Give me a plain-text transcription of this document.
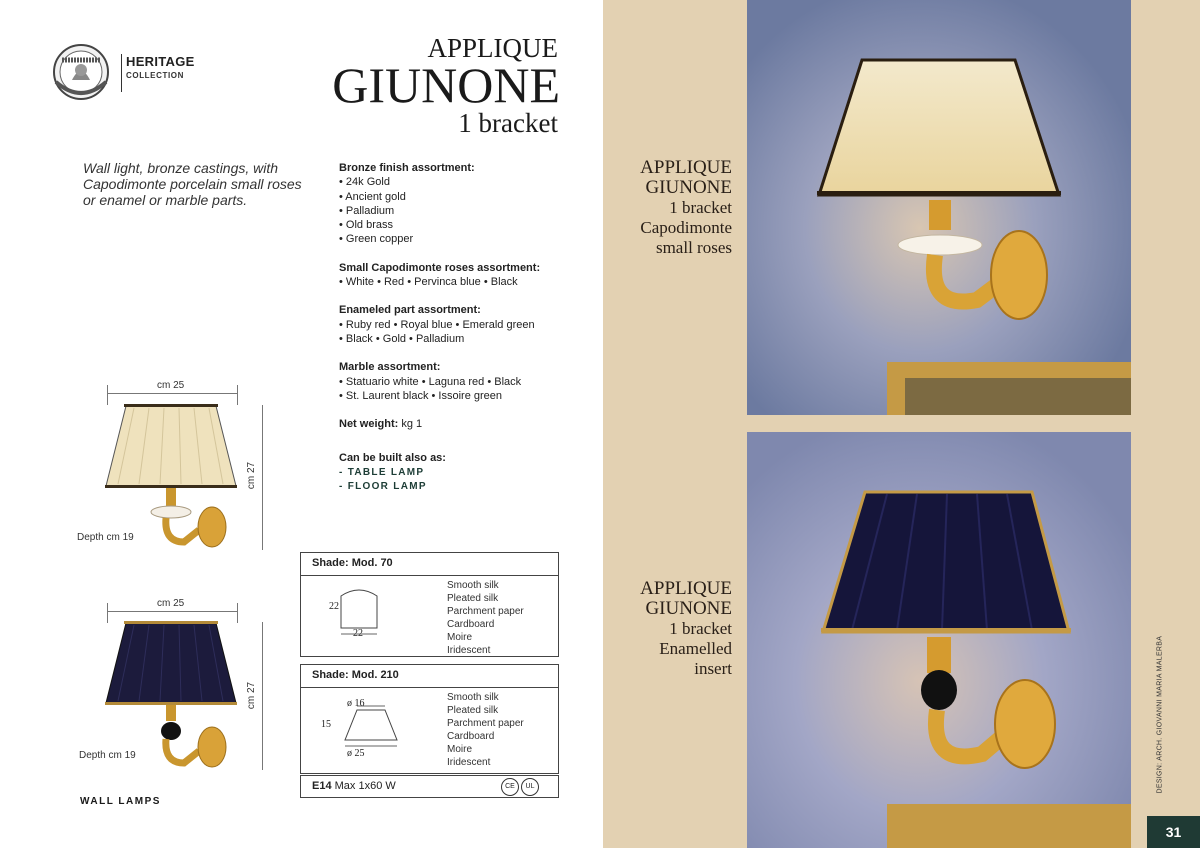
HERITAGE
COLLECTION
APPLIQUE
GIUNONE
1 bracket
Wall light, bronze castings, with Capodimonte porcelain small roses or enamel or marble parts.
Bronze finish assortment:
• 24k Gold
• Ancient gold
• Palladium
• Old brass
• Green copper
Small Capodimonte roses assortment:
• White • Red • Pervinca blue • Black
Enameled part assortment:
• Ruby red • Royal blue • Emerald green
• Black • Gold • Palladium
Marble assortment:
• Statuario white • Laguna red • Black
• St. Laurent black • Issoire green
Net weight: kg 1
Can be built also as:
- TABLE LAMP
- FLOOR LAMP
cm 25
cm 27
Depth cm 19
cm 25
cm 27
Depth cm 19
Shade: Mod. 70
22
22
Smooth silk
Pleated silk
Parchment paper
Cardboard
Moire
Iridescent
Shade: Mod. 210
ø 16
15
ø 25
Smooth silk
Pleated silk
Parchment paper
Cardboard
Moire
Iridescent
E14 Max 1x60 W	CE	UL
WALL LAMPS
APPLIQUE
GIUNONE
1 bracket
Capodimonte
small roses
APPLIQUE
GIUNONE
1 bracket
Enamelled
insert	DESIGN: ARCH. GIOVANNI MARIA MALERBA
31
